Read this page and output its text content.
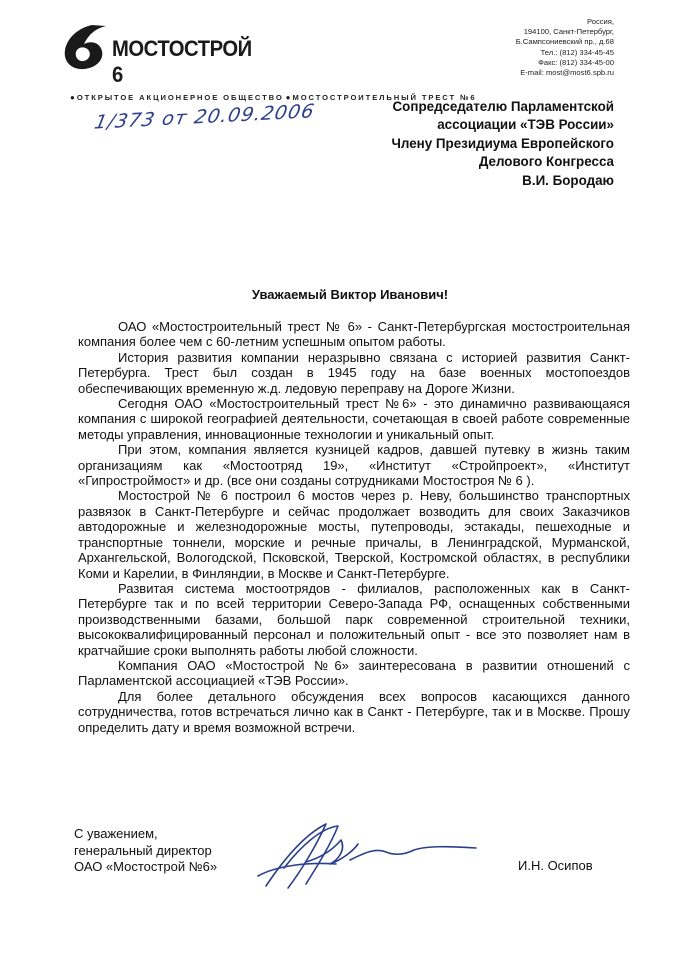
МОСТОСТРОЙ 6
Россия,
194100, Санкт-Петербург,
Б.Сампсониевский пр., д.68
Тел.: (812) 334-45-45
Факс: (812) 334-45-00
E-mail: most@most6.spb.ru
● ОТКРЫТОЕ АКЦИОНЕРНОЕ ОБЩЕСТВО ● МОСТОСТРОИТЕЛЬНЫЙ ТРЕСТ №6
1/373 от 20.09.2006	Сопредседателю Парламентской
ассоциации «ТЭВ России»
Члену Президиума Европейского
Делового Конгресса
В.И. Бородаю
Уважаемый Виктор Иванович!

ОАО «Мостостроительный трест № 6» - Санкт-Петербургская мостостроительная компания более чем с 60-летним успешным опытом работы.

История развития компании неразрывно связана с историей развития Санкт-Петербурга. Трест был создан в 1945 году на базе военных мостопоездов обеспечивающих временную ж.д. ледовую переправу на Дороге Жизни.

Сегодня ОАО «Мостостроительный трест №6» - это динамично развивающаяся компания с широкой географией деятельности, сочетающая в своей работе современные методы управления, инновационные технологии и уникальный опыт.

При этом, компания является кузницей кадров, давшей путевку в жизнь таким организациям как «Мостоотряд 19», «Институт «Стройпроект», «Институт «Гипростроймост» и др. (все они созданы сотрудниками Мостостроя № 6 ).

Мостострой № 6 построил 6 мостов через р. Неву, большинство транспортных развязок в Санкт-Петербурге и сейчас продолжает возводить для своих Заказчиков автодорожные и железнодорожные мосты, путепроводы, эстакады, пешеходные и транспортные тоннели, морские и речные причалы, в Ленинградской, Мурманской, Архангельской, Вологодской, Псковской, Тверской, Костромской областях, в республики Коми и Карелии, в Финляндии, в Москве и Санкт-Петербурге.

Развитая система мостоотрядов - филиалов, расположенных как в Санкт-Петербурге так и по всей территории Северо-Запада РФ, оснащенных собственными производственными базами, большой парк современной строительной техники, высококвалифицированный персонал и положительный опыт - все это позволяет нам в кратчайшие сроки выполнять работы любой сложности.

Компания ОАО «Мостострой №6» заинтересована в развитии отношений с Парламентской ассоциацией «ТЭВ России».

Для более детального обсуждения всех вопросов касающихся данного сотрудничества, готов встречаться лично как в Санкт - Петербурге, так и в Москве. Прошу определить дату и время возможной встречи.

С уважением,
генеральный директор
ОАО «Мостострой №6»	И.Н. Осипов
